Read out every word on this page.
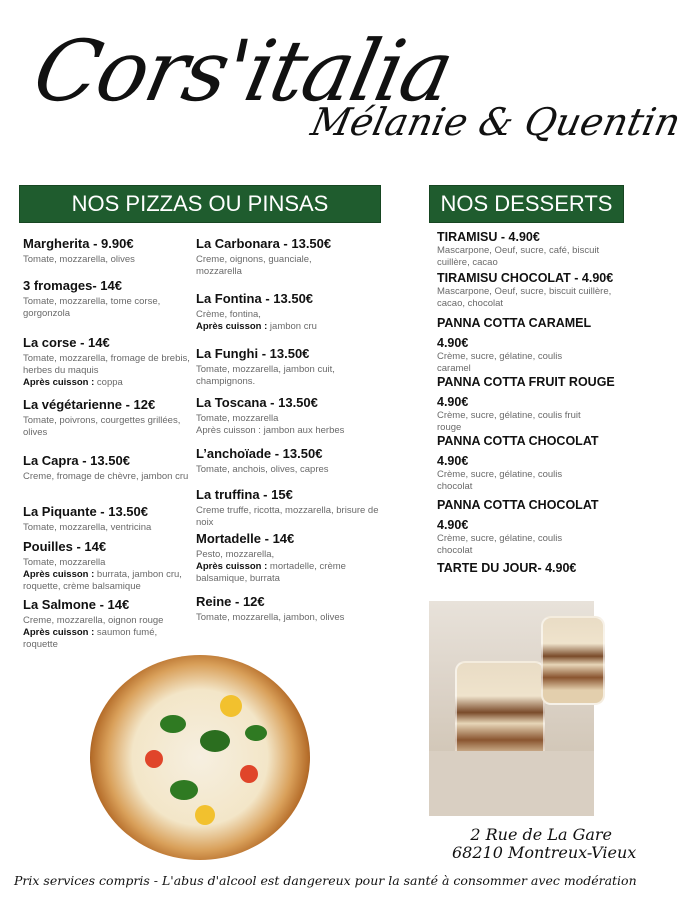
Cors'italia
Mélanie & Quentin
NOS PIZZAS OU PINSAS	NOS DESSERTS
Margherita - 9.90€
Tomate, mozzarella, olives
3 fromages- 14€
Tomate, mozzarella, tome corse, gorgonzola
La corse - 14€
Tomate, mozzarella, fromage de brebis, herbes du maquis
Après cuisson : coppa
La végétarienne - 12€
Tomate, poivrons, courgettes grillées, olives
La Capra - 13.50€
Creme, fromage de chèvre, jambon cru
La Piquante - 13.50€
Tomate, mozzarella, ventricina
Pouilles - 14€
Tomate, mozzarella
Après cuisson : burrata, jambon cru, roquette, crème balsamique
La Salmone - 14€
Creme, mozzarella, oignon rouge
Après cuisson : saumon fumé, roquette
La Carbonara - 13.50€
Creme, oignons, guanciale, mozzarella
La Fontina - 13.50€
Crème, fontina,
Après cuisson : jambon cru
La Funghi - 13.50€
Tomate, mozzarella, jambon cuit, champignons.
La Toscana - 13.50€
Tomate, mozzarella
Après cuisson : jambon aux herbes
L’anchoïade - 13.50€
Tomate, anchois, olives, capres
La truffina - 15€
Creme truffe, ricotta, mozzarella, brisure de noix
Mortadelle - 14€
Pesto, mozzarella,
Après cuisson : mortadelle, crème balsamique, burrata
Reine - 12€
Tomate, mozzarella, jambon, olives
TIRAMISU - 4.90€
Mascarpone, Oeuf, sucre, café, biscuit cuillère, cacao
TIRAMISU CHOCOLAT - 4.90€
Mascarpone, Oeuf, sucre, biscuit cuillère, cacao, chocolat
PANNA COTTA CARAMEL
4.90€
Crème, sucre, gélatine, coulis caramel
PANNA COTTA FRUIT ROUGE
4.90€
Crème, sucre, gélatine, coulis fruit rouge
PANNA COTTA CHOCOLAT
4.90€
Crème, sucre, gélatine, coulis chocolat
PANNA COTTA CHOCOLAT
4.90€
Crème, sucre, gélatine, coulis chocolat
TARTE DU JOUR- 4.90€
2 Rue de La Gare
68210 Montreux-Vieux
Prix services compris - L'abus d'alcool est dangereux pour la santé à consommer avec modération
